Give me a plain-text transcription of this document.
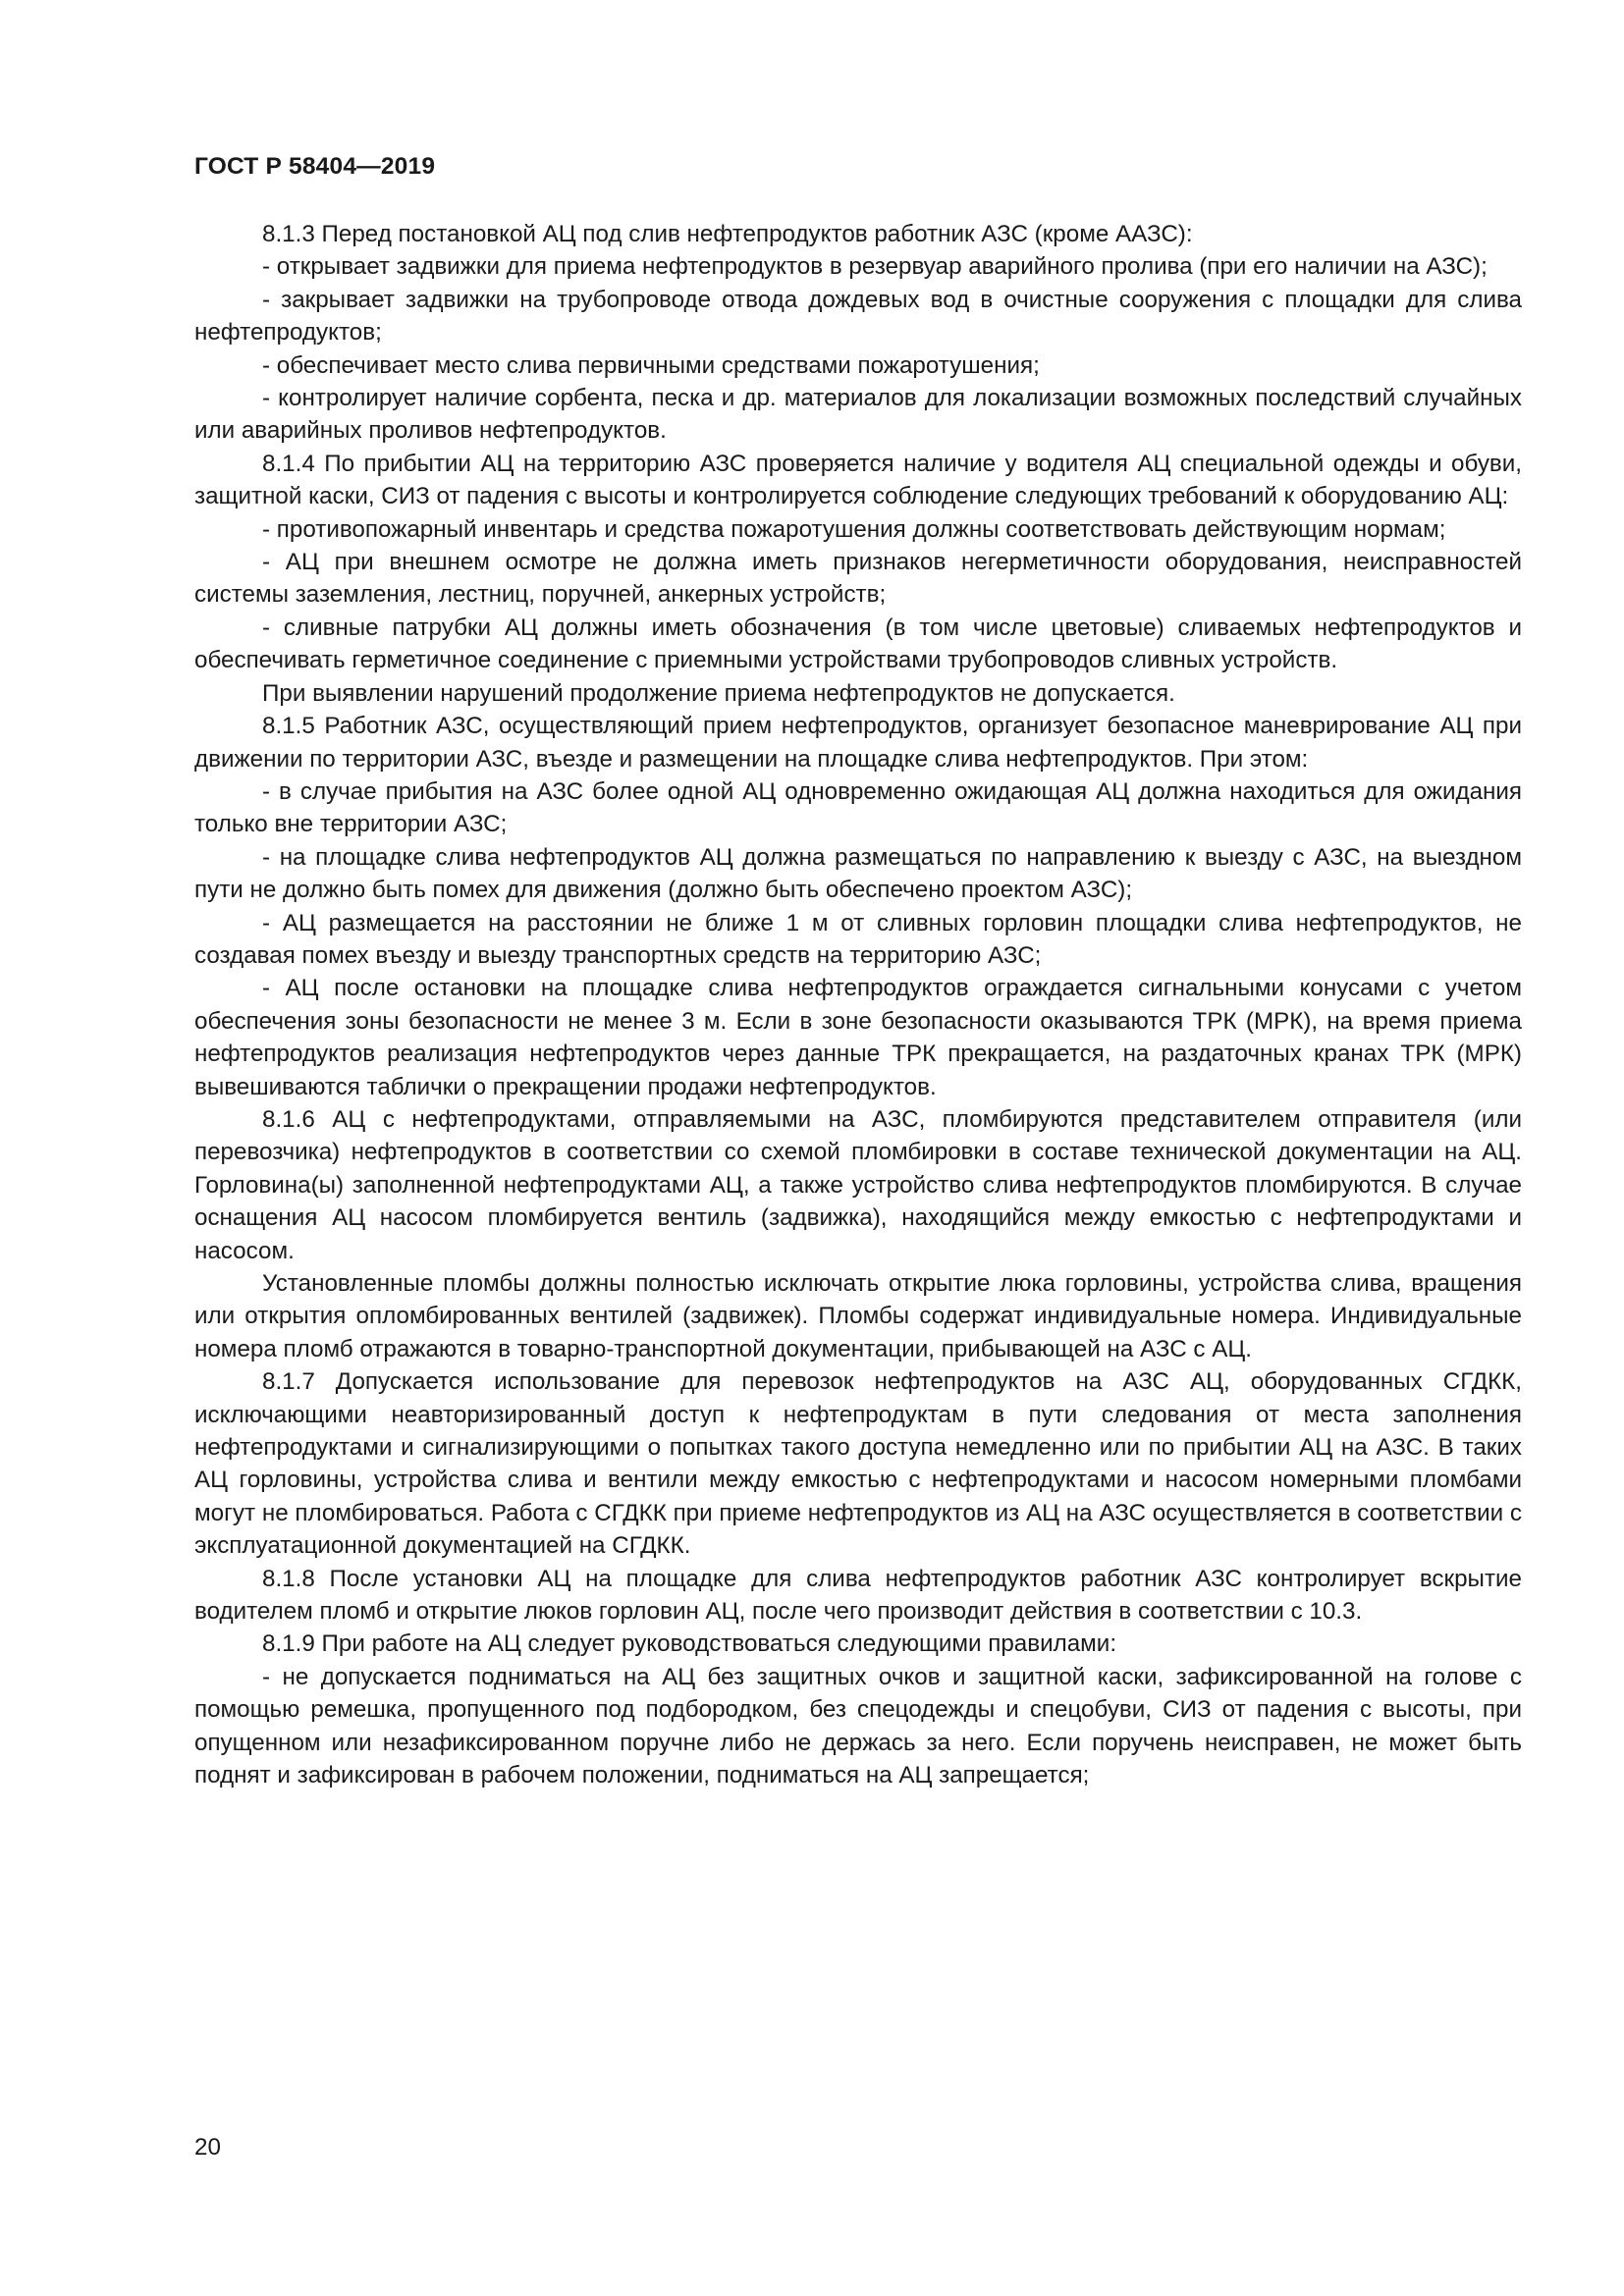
ГОСТ Р 58404—2019

8.1.3 Перед постановкой АЦ под слив нефтепродуктов работник АЗС (кроме ААЗС):

- открывает задвижки для приема нефтепродуктов в резервуар аварийного пролива (при его наличии на АЗС);

- закрывает задвижки на трубопроводе отвода дождевых вод в очистные сооружения с площадки для слива нефтепродуктов;

- обеспечивает место слива первичными средствами пожаротушения;

- контролирует наличие сорбента, песка и др. материалов для локализации возможных последствий случайных или аварийных проливов нефтепродуктов.

8.1.4 По прибытии АЦ на территорию АЗС проверяется наличие у водителя АЦ специальной одежды и обуви, защитной каски, СИЗ от падения с высоты и контролируется соблюдение следующих требований к оборудованию АЦ:

- противопожарный инвентарь и средства пожаротушения должны соответствовать действующим нормам;

- АЦ при внешнем осмотре не должна иметь признаков негерметичности оборудования, неисправностей системы заземления, лестниц, поручней, анкерных устройств;

- сливные патрубки АЦ должны иметь обозначения (в том числе цветовые) сливаемых нефтепродуктов и обеспечивать герметичное соединение с приемными устройствами трубопроводов сливных устройств.

При выявлении нарушений продолжение приема нефтепродуктов не допускается.

8.1.5 Работник АЗС, осуществляющий прием нефтепродуктов, организует безопасное маневрирование АЦ при движении по территории АЗС, въезде и размещении на площадке слива нефтепродуктов. При этом:

- в случае прибытия на АЗС более одной АЦ одновременно ожидающая АЦ должна находиться для ожидания только вне территории АЗС;

- на площадке слива нефтепродуктов АЦ должна размещаться по направлению к выезду с АЗС, на выездном пути не должно быть помех для движения (должно быть обеспечено проектом АЗС);

- АЦ размещается на расстоянии не ближе 1 м от сливных горловин площадки слива нефтепродуктов, не создавая помех въезду и выезду транспортных средств на территорию АЗС;

- АЦ после остановки на площадке слива нефтепродуктов ограждается сигнальными конусами с учетом обеспечения зоны безопасности не менее 3 м. Если в зоне безопасности оказываются ТРК (МРК), на время приема нефтепродуктов реализация нефтепродуктов через данные ТРК прекращается, на раздаточных кранах ТРК (МРК) вывешиваются таблички о прекращении продажи нефтепродуктов.

8.1.6 АЦ с нефтепродуктами, отправляемыми на АЗС, пломбируются представителем отправителя (или перевозчика) нефтепродуктов в соответствии со схемой пломбировки в составе технической документации на АЦ. Горловина(ы) заполненной нефтепродуктами АЦ, а также устройство слива нефтепродуктов пломбируются. В случае оснащения АЦ насосом пломбируется вентиль (задвижка), находящийся между емкостью с нефтепродуктами и насосом.

Установленные пломбы должны полностью исключать открытие люка горловины, устройства слива, вращения или открытия опломбированных вентилей (задвижек). Пломбы содержат индивидуальные номера. Индивидуальные номера пломб отражаются в товарно-транспортной документации, прибывающей на АЗС с АЦ.

8.1.7 Допускается использование для перевозок нефтепродуктов на АЗС АЦ, оборудованных СГДКК, исключающими неавторизированный доступ к нефтепродуктам в пути следования от места заполнения нефтепродуктами и сигнализирующими о попытках такого доступа немедленно или по прибытии АЦ на АЗС. В таких АЦ горловины, устройства слива и вентили между емкостью с нефтепродуктами и насосом номерными пломбами могут не пломбироваться. Работа с СГДКК при приеме нефтепродуктов из АЦ на АЗС осуществляется в соответствии с эксплуатационной документацией на СГДКК.

8.1.8 После установки АЦ на площадке для слива нефтепродуктов работник АЗС контролирует вскрытие водителем пломб и открытие люков горловин АЦ, после чего производит действия в соответствии с 10.3.

8.1.9 При работе на АЦ следует руководствоваться следующими правилами:

- не допускается подниматься на АЦ без защитных очков и защитной каски, зафиксированной на голове с помощью ремешка, пропущенного под подбородком, без спецодежды и спецобуви, СИЗ от падения с высоты, при опущенном или незафиксированном поручне либо не держась за него. Если поручень неисправен, не может быть поднят и зафиксирован в рабочем положении, подниматься на АЦ запрещается;

20
